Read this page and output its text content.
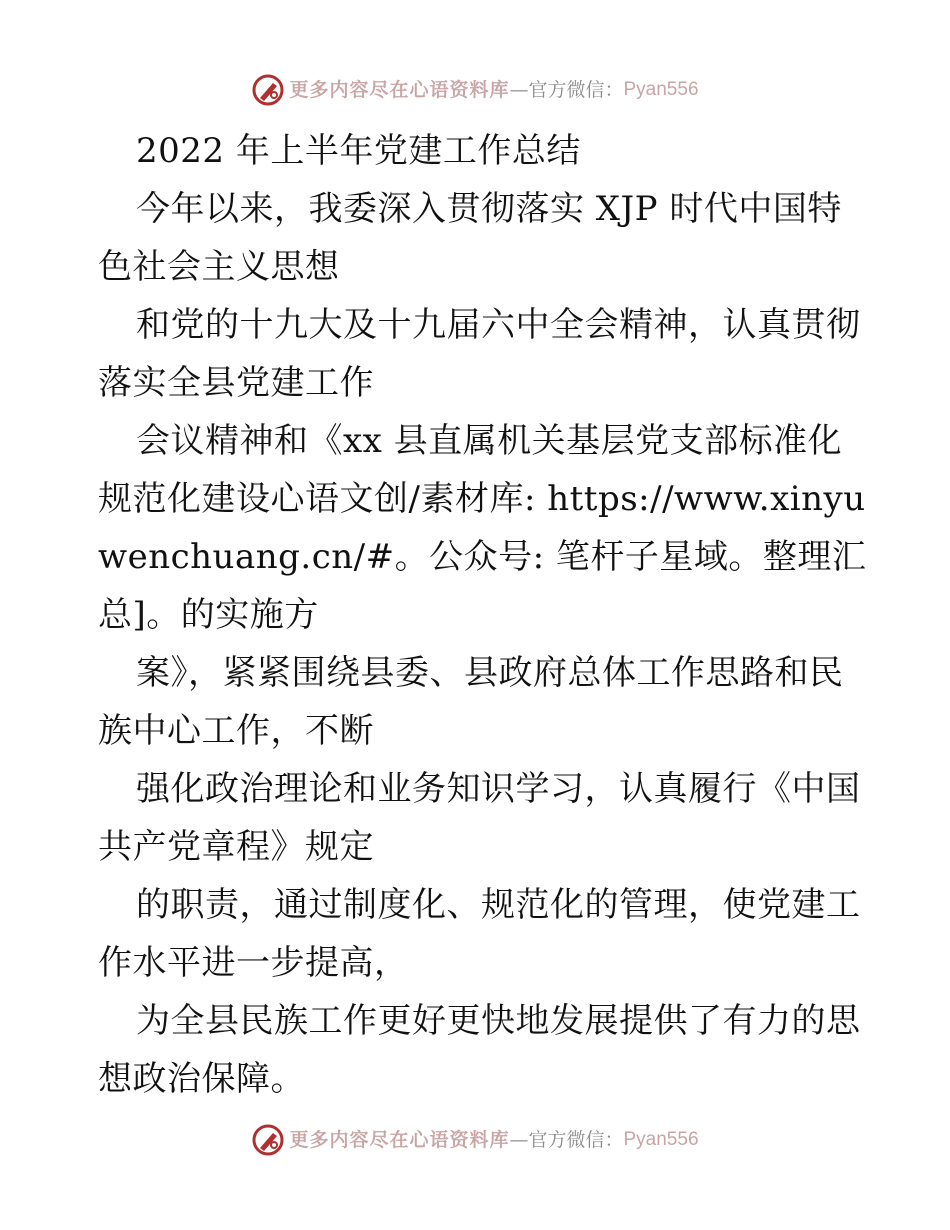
更多内容尽在心语资料库 — 官方微信： Pyan556
2022 年上半年党建工作总结
今年以来，我委深入贯彻落实 XJP 时代中国特
色社会主义思想
和党的十九大及十九届六中全会精神，认真贯彻
落实全县党建工作
会议精神和《xx 县直属机关基层党支部标准化
规范化建设心语文创/素材库: https://www.xinyu
wenchuang.cn/#。公众号: 笔杆子星域。整理汇
总]。的实施方
案》，紧紧围绕县委、县政府总体工作思路和民
族中心工作，不断
强化政治理论和业务知识学习，认真履行《中国
共产党章程》规定
的职责，通过制度化、规范化的管理，使党建工
作水平进一步提高，
为全县民族工作更好更快地发展提供了有力的思
想政治保障。
更多内容尽在心语资料库 — 官方微信： Pyan556
